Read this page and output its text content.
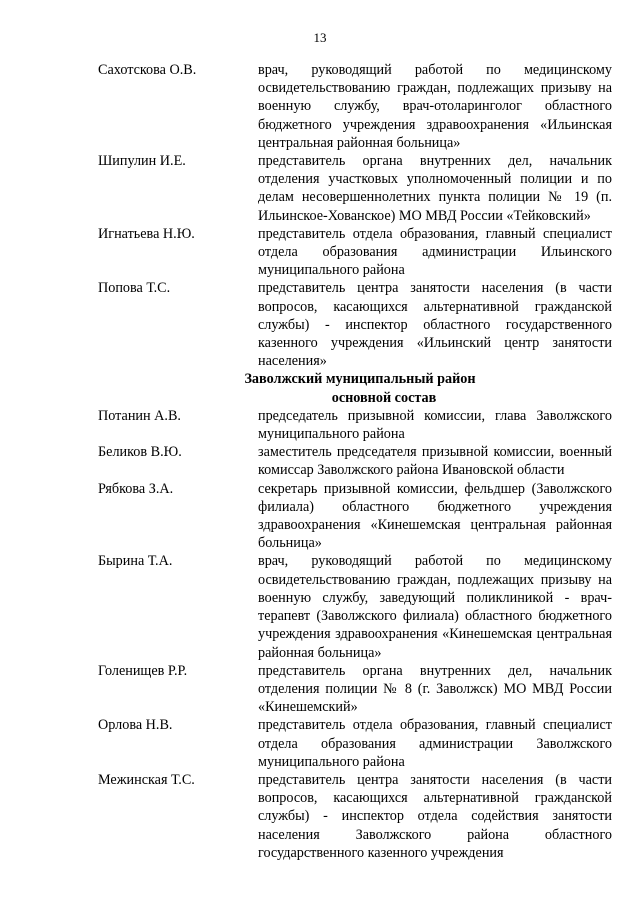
13
Сахотскова О.В.	врач, руководящий работой по медицинскому освидетельствованию граждан, подлежащих призыву на военную службу, врач-отоларинголог областного бюджетного учреждения здравоохранения «Ильинская центральная районная больница»
Шипулин И.Е.	представитель органа внутренних дел, начальник отделения участковых уполномоченный полиции и по делам несовершеннолетних пункта полиции № 19 (п. Ильинское-Хованское) МО МВД России «Тейковский»
Игнатьева Н.Ю.	представитель отдела образования, главный специалист отдела образования администрации Ильинского муниципального района
Попова Т.С.	представитель центра занятости населения (в части вопросов, касающихся альтернативной гражданской службы) - инспектор областного государственного казенного учреждения «Ильинский центр занятости населения»
Заволжский муниципальный район
основной состав
Потанин А.В.	председатель призывной комиссии, глава Заволжского муниципального района
Беликов В.Ю.	заместитель председателя призывной комиссии, военный комиссар Заволжского района Ивановской области
Рябкова З.А.	секретарь призывной комиссии, фельдшер (Заволжского филиала) областного бюджетного учреждения здравоохранения «Кинешемская центральная районная больница»
Бырина Т.А.	врач, руководящий работой по медицинскому освидетельствованию граждан, подлежащих призыву на военную службу, заведующий поликлиникой - врач-терапевт (Заволжского филиала) областного бюджетного учреждения здравоохранения «Кинешемская центральная районная больница»
Голенищев Р.Р.	представитель органа внутренних дел, начальник отделения полиции № 8 (г. Заволжск) МО МВД России «Кинешемский»
Орлова Н.В.	представитель отдела образования, главный специалист отдела образования администрации Заволжского муниципального района
Межинская Т.С.	представитель центра занятости населения (в части вопросов, касающихся альтернативной гражданской службы) - инспектор отдела содействия занятости населения Заволжского района областного государственного казенного учреждения
